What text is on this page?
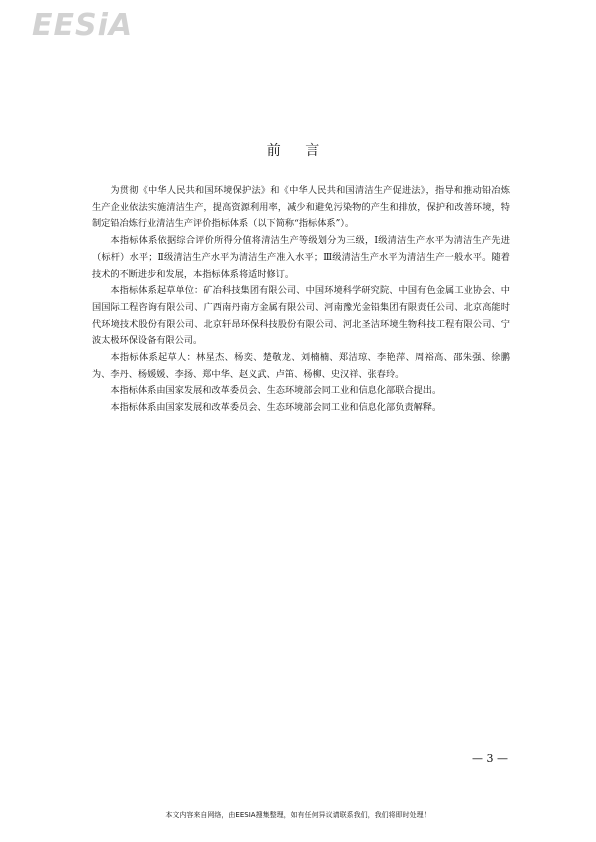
EESiA
前 言

为贯彻《中华人民共和国环境保护法》和《中华人民共和国清洁生产促进法》，指导和推动铅冶炼生产企业依法实施清洁生产，提高资源利用率，减少和避免污染物的产生和排放，保护和改善环境，特制定铅冶炼行业清洁生产评价指标体系（以下简称“指标体系”）。

本指标体系依据综合评价所得分值将清洁生产等级划分为三级，Ⅰ级清洁生产水平为清洁生产先进（标杆）水平；Ⅱ级清洁生产水平为清洁生产准入水平；Ⅲ级清洁生产水平为清洁生产一般水平。随着技术的不断进步和发展，本指标体系将适时修订。

本指标体系起草单位：矿冶科技集团有限公司、中国环境科学研究院、中国有色金属工业协会、中国国际工程咨询有限公司、广西南丹南方金属有限公司、河南豫光金铅集团有限责任公司、北京高能时代环境技术股份有限公司、北京轩昂环保科技股份有限公司、河北圣洁环境生物科技工程有限公司、宁波太极环保设备有限公司。

本指标体系起草人：林星杰、杨奕、楚敬龙、刘楠楠、郑洁琼、李艳萍、周裕高、邵朱强、徐鹏为、李丹、杨媛媛、李扬、郑中华、赵义武、卢笛、杨柳、史汉祥、张春玲。

本指标体系由国家发展和改革委员会、生态环境部会同工业和信息化部联合提出。

本指标体系由国家发展和改革委员会、生态环境部会同工业和信息化部负责解释。

— 3 —
本文内容来自网络，由EESIA搜集整理，如有任何异议请联系我们，我们将即时处理！
